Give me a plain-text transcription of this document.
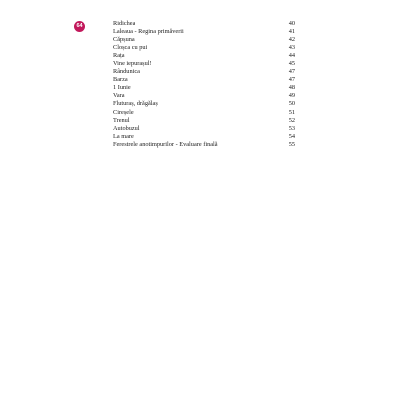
64	Ridichea	40
Laleaua - Regina primăverii	41
Căpșuna	42
Cloșca cu pui	43
Rața	44
Vine iepurașul!	45
Rândunica	47
Barza	47
1 Iunie	48
Vara	49
Fluturaș, drăgălaș	50
Cireșele	51
Trenul	52
Autobuzul	53
La mare	54
Ferestrele anotimpurilor - Evaluare finală	55
